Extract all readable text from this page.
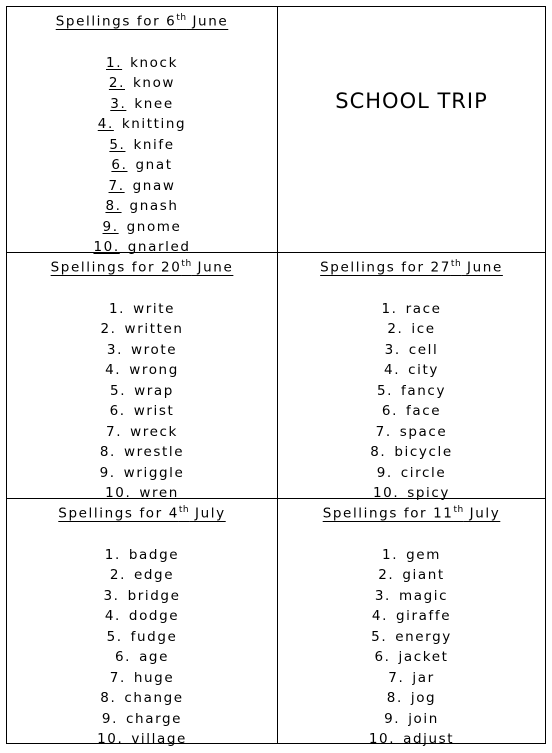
Spellings for 6th June
1. knock
2. know
3. knee
4. knitting
5. knife
6. gnat
7. gnaw
8. gnash
9. gnome
10. gnarled
SCHOOL TRIP
Spellings for 20th June
1. write
2. written
3. wrote
4. wrong
5. wrap
6. wrist
7. wreck
8. wrestle
9. wriggle
10. wren
Spellings for 27th June
1. race
2. ice
3. cell
4. city
5. fancy
6. face
7. space
8. bicycle
9. circle
10. spicy
Spellings for 4th July
1. badge
2. edge
3. bridge
4. dodge
5. fudge
6. age
7. huge
8. change
9. charge
10. village
Spellings for 11th July
1. gem
2. giant
3. magic
4. giraffe
5. energy
6. jacket
7. jar
8. jog
9. join
10. adjust
